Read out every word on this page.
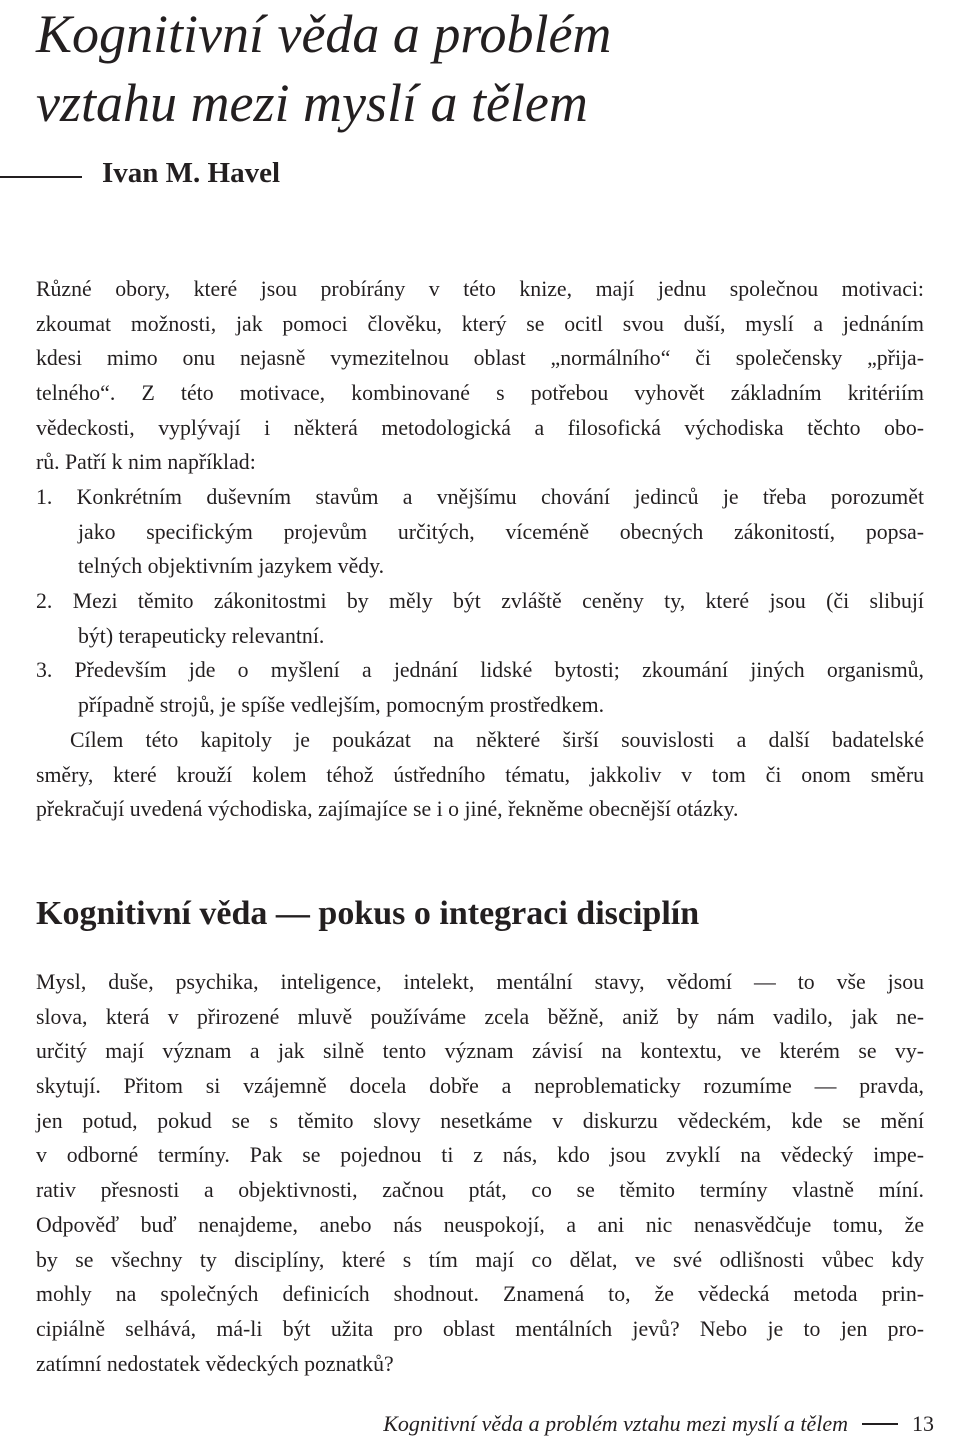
Kognitivní věda a problém
vztahu mezi myslí a tělem
Ivan M. Havel
Různé obory, které jsou probírány v této knize, mají jednu společnou motivaci:
zkoumat možnosti, jak pomoci člověku, který se ocitl svou duší, myslí a jednáním
kdesi mimo onu nejasně vymezitelnou oblast „normálního“ či společensky „přija-
telného“. Z této motivace, kombinované s potřebou vyhovět základním kritériím
vědeckosti, vyplývají i některá metodologická a filosofická východiska těchto obo-
rů. Patří k nim například:
1. Konkrétním duševním stavům a vnějšímu chování jedinců je třeba porozumět
jako specifickým projevům určitých, víceméně obecných zákonitostí, popsa-
telných objektivním jazykem vědy.
2. Mezi těmito zákonitostmi by měly být zvláště ceněny ty, které jsou (či slibují
být) terapeuticky relevantní.
3. Především jde o myšlení a jednání lidské bytosti; zkoumání jiných organismů,
případně strojů, je spíše vedlejším, pomocným prostředkem.
Cílem této kapitoly je poukázat na některé širší souvislosti a další badatelské
směry, které krouží kolem téhož ústředního tématu, jakkoliv v tom či onom směru
překračují uvedená východiska, zajímajíce se i o jiné, řekněme obecnější otázky.
Kognitivní věda — pokus o integraci disciplín
Mysl, duše, psychika, inteligence, intelekt, mentální stavy, vědomí — to vše jsou
slova, která v přirozené mluvě používáme zcela běžně, aniž by nám vadilo, jak ne-
určitý mají význam a jak silně tento význam závisí na kontextu, ve kterém se vy-
skytují. Přitom si vzájemně docela dobře a neproblematicky rozumíme — pravda,
jen potud, pokud se s těmito slovy nesetkáme v diskurzu vědeckém, kde se mění
v odborné termíny. Pak se pojednou ti z nás, kdo jsou zvyklí na vědecký impe-
rativ přesnosti a objektivnosti, začnou ptát, co se těmito termíny vlastně míní.
Odpověď buď nenajdeme, anebo nás neuspokojí, a ani nic nenasvědčuje tomu, že
by se všechny ty disciplíny, které s tím mají co dělat, ve své odlišnosti vůbec kdy
mohly na společných definicích shodnout. Znamená to, že vědecká metoda prin-
cipiálně selhává, má-li být užita pro oblast mentálních jevů? Nebo je to jen pro-
zatímní nedostatek vědeckých poznatků?
Kognitivní věda a problém vztahu mezi myslí a tělem	13
